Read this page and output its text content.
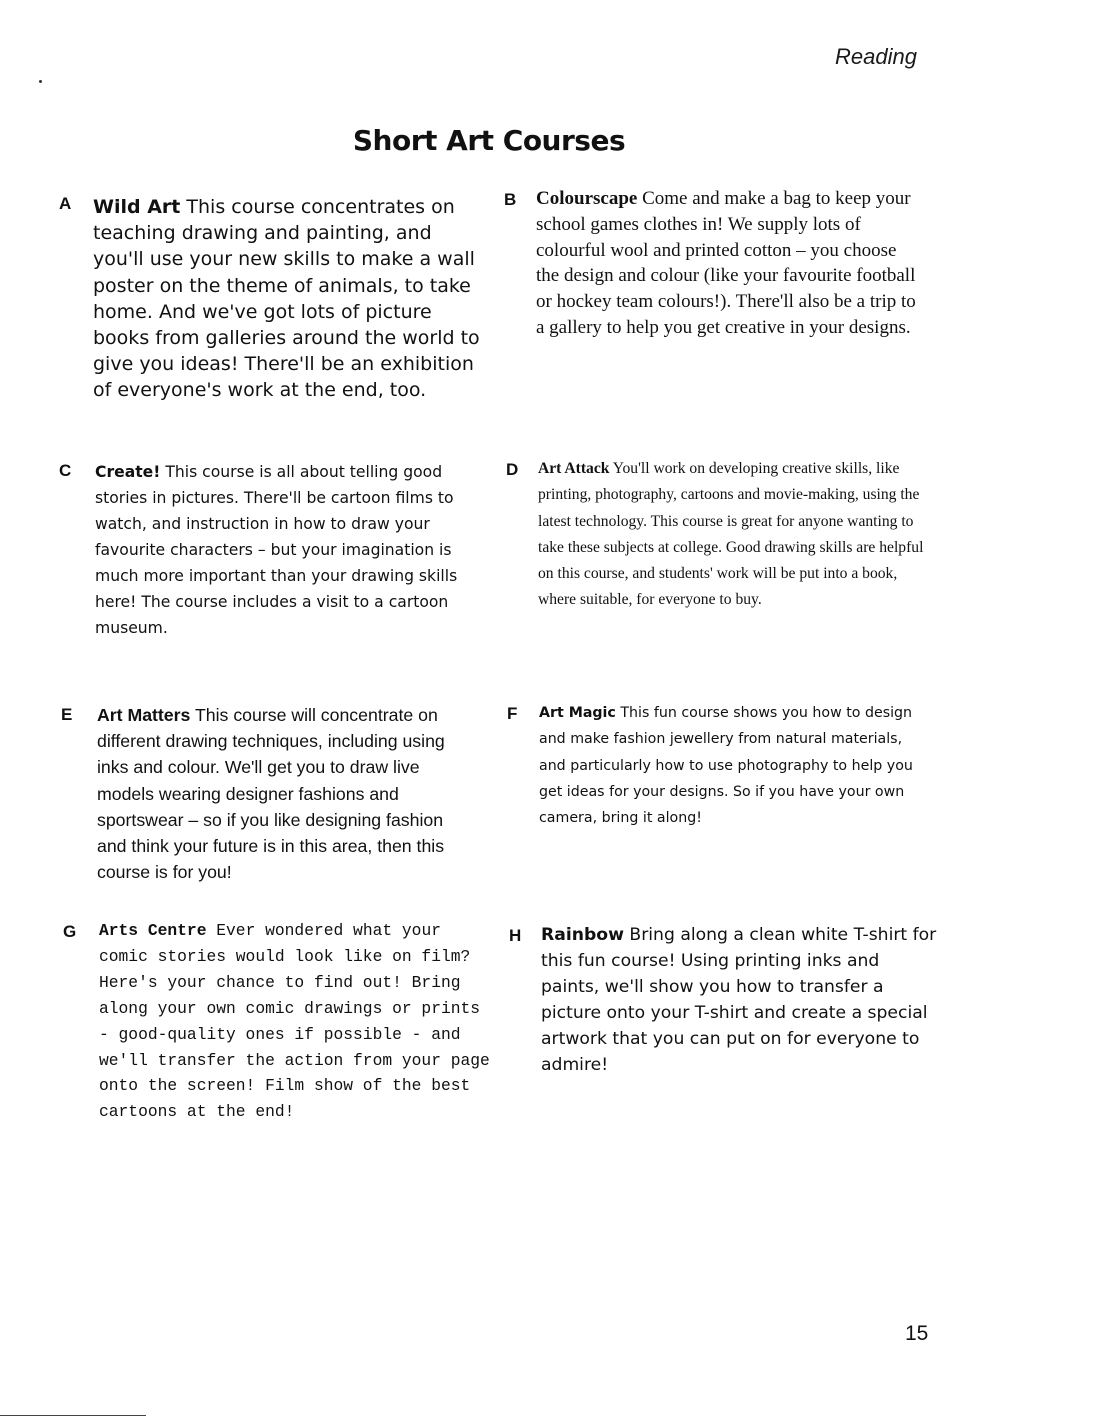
Reading
Short Art Courses
A Wild Art This course concentrates on teaching drawing and painting, and you'll use your new skills to make a wall poster on the theme of animals, to take home. And we've got lots of picture books from galleries around the world to give you ideas! There'll be an exhibition of everyone's work at the end, too.

B Colourscape Come and make a bag to keep your school games clothes in! We supply lots of colourful wool and printed cotton – you choose the design and colour (like your favourite football or hockey team colours!). There'll also be a trip to a gallery to help you get creative in your designs.

C Create! This course is all about telling good stories in pictures. There'll be cartoon films to watch, and instruction in how to draw your favourite characters – but your imagination is much more important than your drawing skills here! The course includes a visit to a cartoon museum.

D Art Attack You'll work on developing creative skills, like printing, photography, cartoons and movie-making, using the latest technology. This course is great for anyone wanting to take these subjects at college. Good drawing skills are helpful on this course, and students' work will be put into a book, where suitable, for everyone to buy.

E Art Matters This course will concentrate on different drawing techniques, including using inks and colour. We'll get you to draw live models wearing designer fashions and sportswear – so if you like designing fashion and think your future is in this area, then this course is for you!

F Art Magic This fun course shows you how to design and make fashion jewellery from natural materials, and particularly how to use photography to help you get ideas for your designs. So if you have your own camera, bring it along!

G Arts Centre Ever wondered what your comic stories would look like on film? Here's your chance to find out! Bring along your own comic drawings or prints - good-quality ones if possible - and we'll transfer the action from your page onto the screen! Film show of the best cartoons at the end!

H Rainbow Bring along a clean white T-shirt for this fun course! Using printing inks and paints, we'll show you how to transfer a picture onto your T-shirt and create a special artwork that you can put on for everyone to admire!

15
